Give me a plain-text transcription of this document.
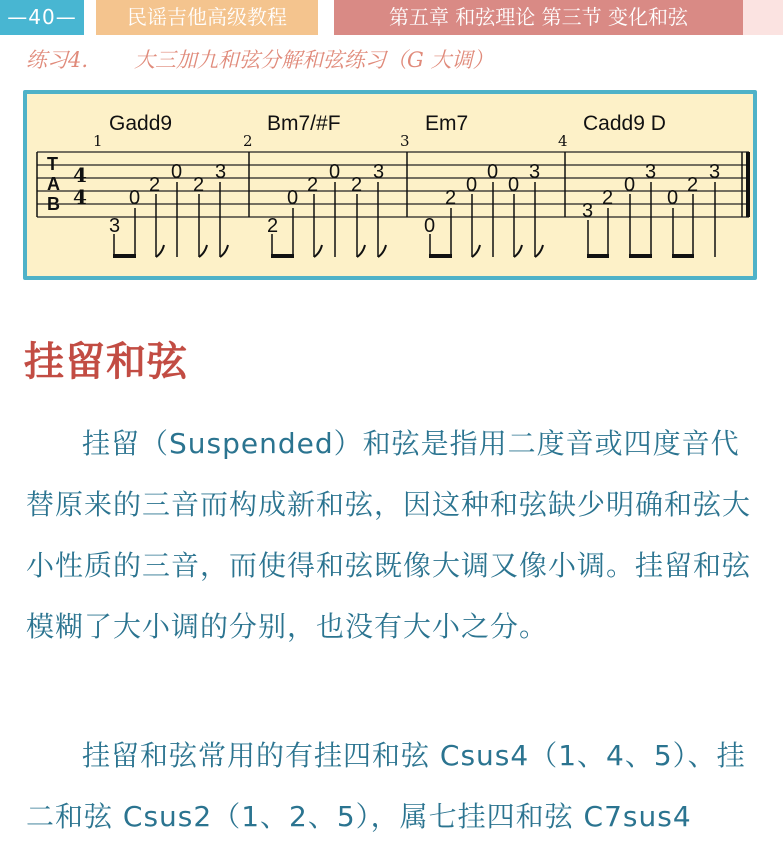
—40—	民谣吉他高级教程	第五章 和弦理论 第三节 变化和弦
练习4. 大三加九和弦分解和弦练习（G 大调）
T
A
B
4
4
1	2	3	4
Gadd9	Bm7/#F	Em7	Cadd9 D
3
0
2
0
2
3
2
0
2
0
2
3
0
2
0
0
0
3
3
2
0
3
0
2
3
挂留和弦
挂留（Suspended）和弦是指用二度音或四度音代替原来的三音而构成新和弦，因这种和弦缺少明确和弦大小性质的三音，而使得和弦既像大调又像小调。挂留和弦模糊了大小调的分别，也没有大小之分。
挂留和弦常用的有挂四和弦 Csus4（1、4、5）、挂二和弦 Csus2（1、2、5），属七挂四和弦 C7sus4
